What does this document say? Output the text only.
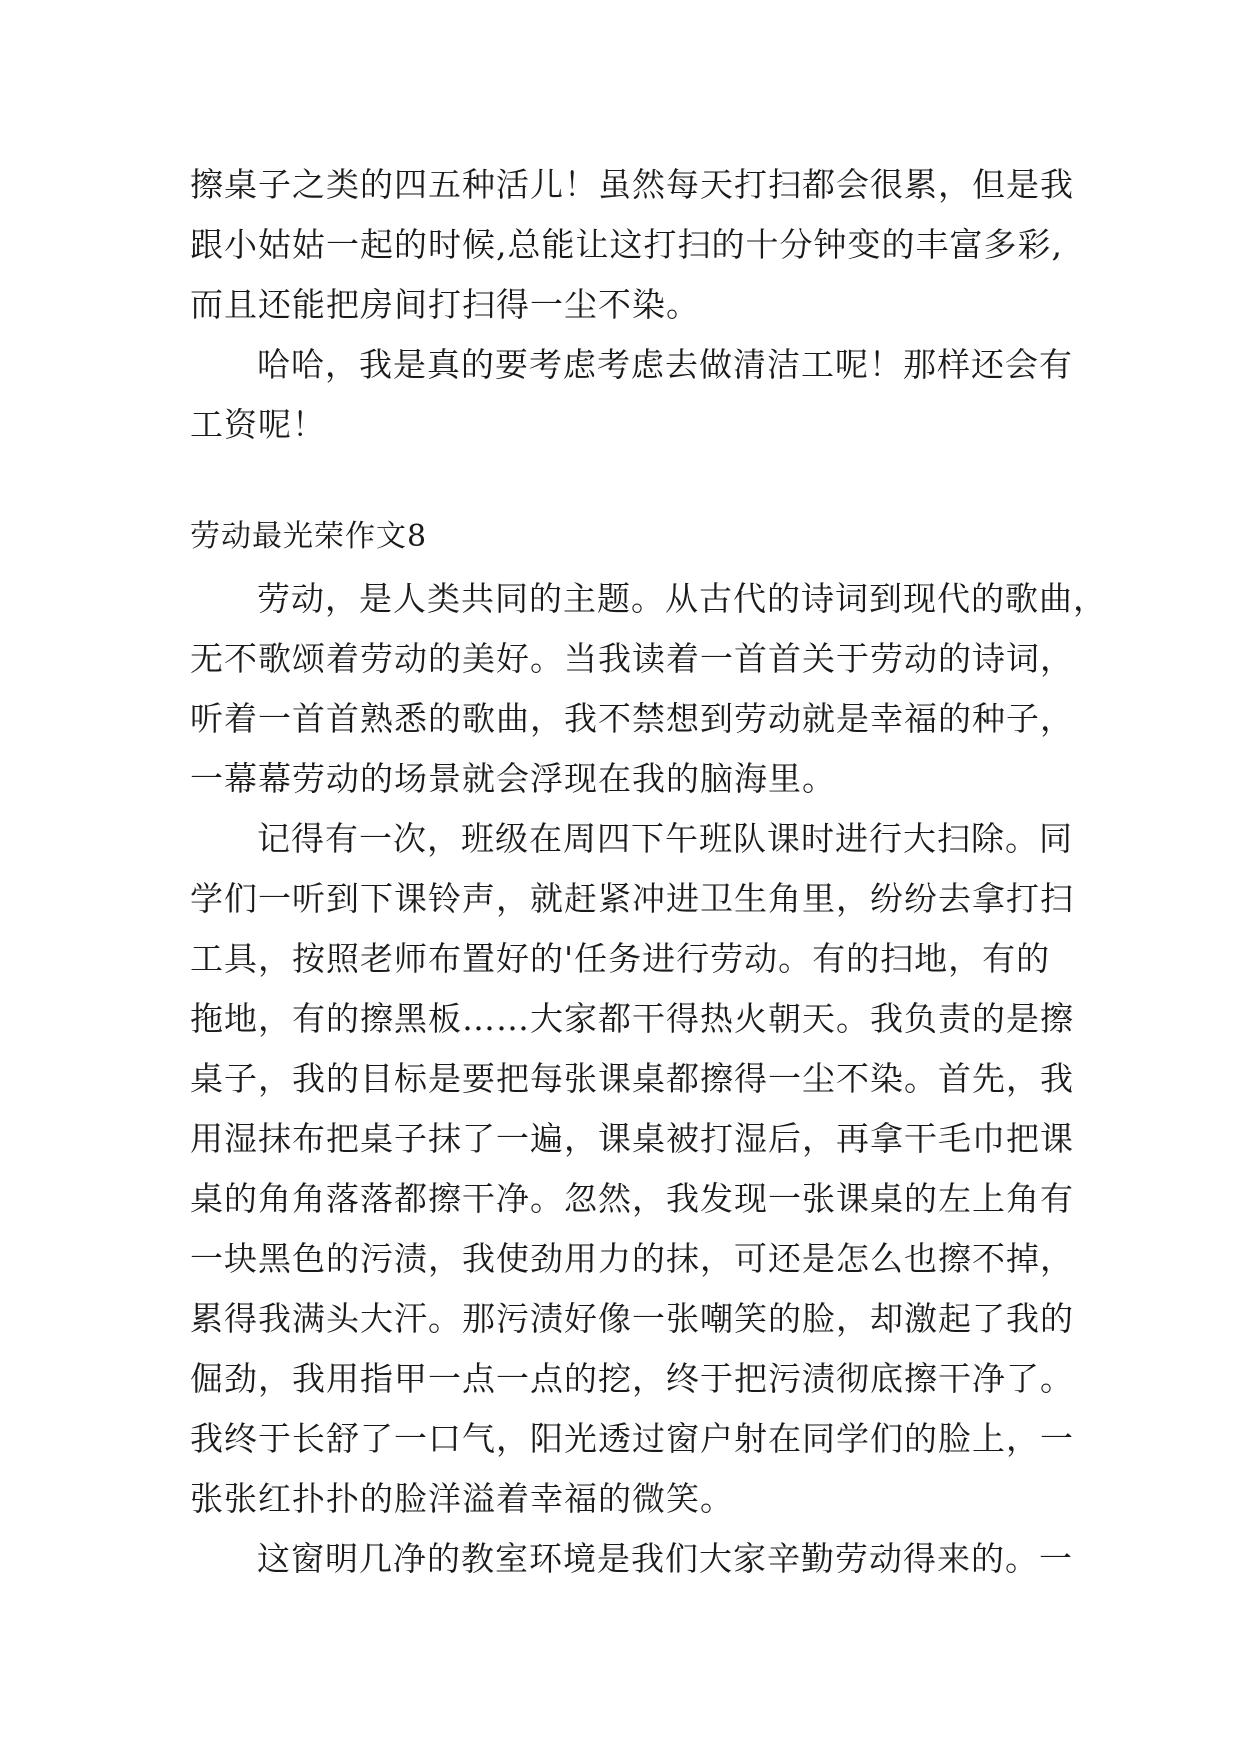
擦桌子之类的四五种活儿！虽然每天打扫都会很累，但是我
跟小姑姑一起的时候,总能让这打扫的十分钟变的丰富多彩,
而且还能把房间打扫得一尘不染。
哈哈，我是真的要考虑考虑去做清洁工呢！那样还会有
工资呢！
劳动最光荣作文8
劳动，是人类共同的主题。从古代的诗词到现代的歌曲，
无不歌颂着劳动的美好。当我读着一首首关于劳动的诗词，
听着一首首熟悉的歌曲，我不禁想到劳动就是幸福的种子，
一幕幕劳动的场景就会浮现在我的脑海里。
记得有一次，班级在周四下午班队课时进行大扫除。同
学们一听到下课铃声，就赶紧冲进卫生角里，纷纷去拿打扫
工具，按照老师布置好的'任务进行劳动。有的扫地，有的
拖地，有的擦黑板……大家都干得热火朝天。我负责的是擦
桌子，我的目标是要把每张课桌都擦得一尘不染。首先，我
用湿抹布把桌子抹了一遍，课桌被打湿后，再拿干毛巾把课
桌的角角落落都擦干净。忽然，我发现一张课桌的左上角有
一块黑色的污渍，我使劲用力的抹，可还是怎么也擦不掉，
累得我满头大汗。那污渍好像一张嘲笑的脸，却激起了我的
倔劲，我用指甲一点一点的挖，终于把污渍彻底擦干净了。
我终于长舒了一口气，阳光透过窗户射在同学们的脸上，一
张张红扑扑的脸洋溢着幸福的微笑。
这窗明几净的教室环境是我们大家辛勤劳动得来的。一
